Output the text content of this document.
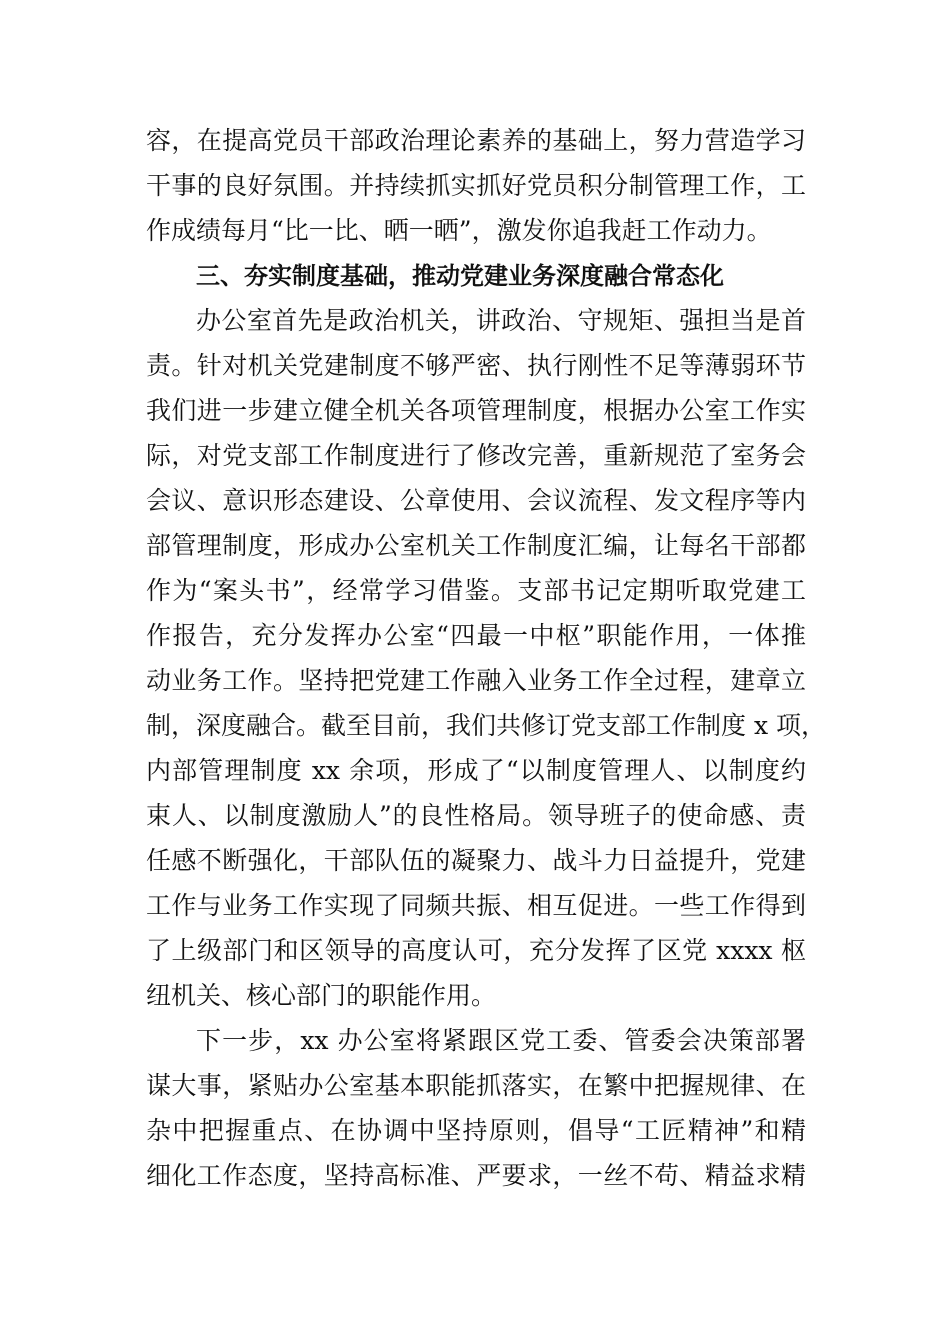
容，在提高党员干部政治理论素养的基础上，努力营造学习
干事的良好氛围。并持续抓实抓好党员积分制管理工作，工
作成绩每月“比一比、晒一晒”，激发你追我赶工作动力。
三、夯实制度基础，推动党建业务深度融合常态化
办公室首先是政治机关，讲政治、守规矩、强担当是首
责。针对机关党建制度不够严密、执行刚性不足等薄弱环节
我们进一步建立健全机关各项管理制度，根据办公室工作实
际，对党支部工作制度进行了修改完善，重新规范了室务会
会议、意识形态建设、公章使用、会议流程、发文程序等内
部管理制度，形成办公室机关工作制度汇编，让每名干部都
作为“案头书”，经常学习借鉴。支部书记定期听取党建工
作报告，充分发挥办公室“四最一中枢”职能作用，一体推
动业务工作。坚持把党建工作融入业务工作全过程，建章立
制，深度融合。截至目前，我们共修订党支部工作制度 x 项，
内部管理制度 xx 余项，形成了“以制度管理人、以制度约
束人、以制度激励人”的良性格局。领导班子的使命感、责
任感不断强化，干部队伍的凝聚力、战斗力日益提升，党建
工作与业务工作实现了同频共振、相互促进。一些工作得到
了上级部门和区领导的高度认可，充分发挥了区党 xxxx 枢
纽机关、核心部门的职能作用。
下一步，xx 办公室将紧跟区党工委、管委会决策部署
谋大事，紧贴办公室基本职能抓落实，在繁中把握规律、在
杂中把握重点、在协调中坚持原则，倡导“工匠精神”和精
细化工作态度，坚持高标准、严要求，一丝不苟、精益求精
